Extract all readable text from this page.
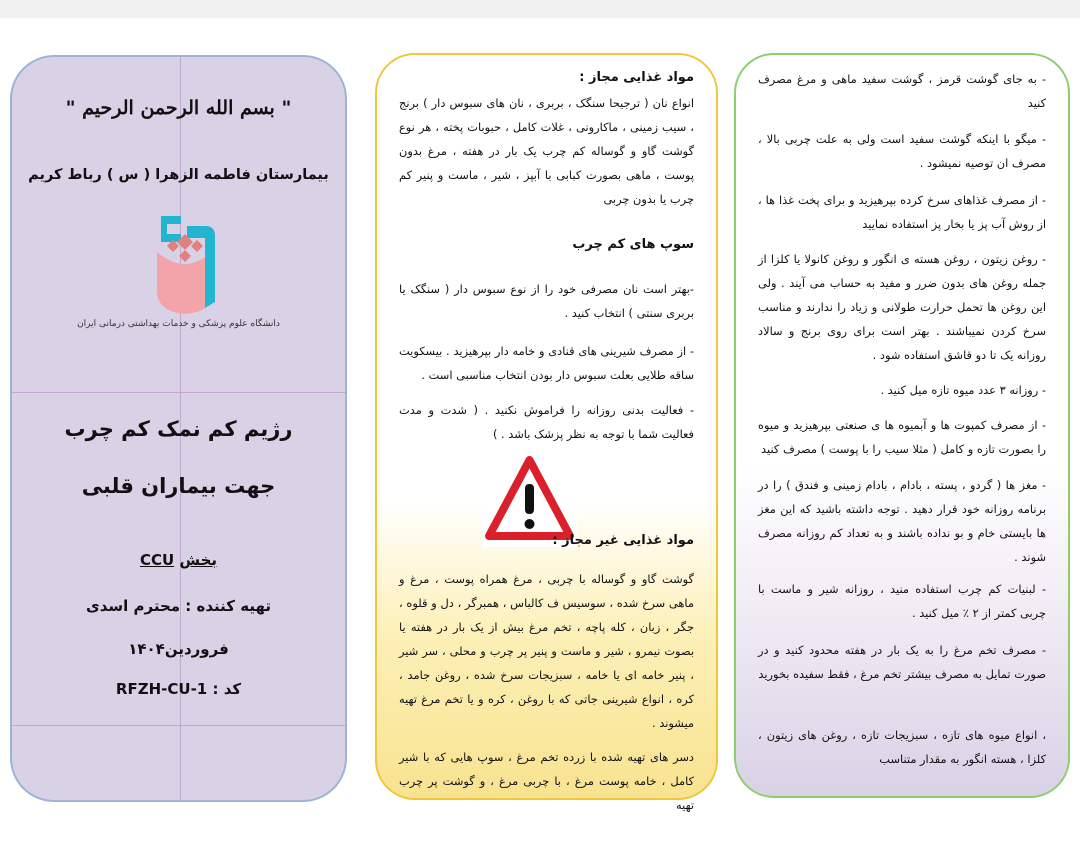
" بسم الله الرحمن الرحيم "
بیمارستان فاطمه الزهرا ( س ) رباط کریم
دانشگاه علوم پزشکی و خدمات بهداشتی درمانی ایران
رژیم کم نمک کم چرب
جهت بیماران قلبی
بخش CCU
تهیه کننده : محترم اسدی
فروردین۱۴۰۴
کد : RFZH-CU-1
مواد غذایی مجاز :
انواع نان ( ترجیحا سنگک ، بربری ، نان های سبوس دار ) برنج ، سیب زمینی ، ماکارونی ، غلات کامل ، حبوبات پخته ، هر نوع گوشت گاو و گوساله کم چرب یک بار در هفته ، مرغ بدون پوست ، ماهی بصورت کبابی با آبپز ، شیر ، ماست و پنیر کم چرب یا بدون چربی
سوپ های کم چرب
-بهتر است نان مصرفی خود را از نوع سبوس دار ( سنگک یا بربری سنتی ) انتخاب کنید .
- از مصرف شیرینی های قنادی و خامه دار بپرهیزید . بیسکویت ساقه طلایی بعلت سبوس دار بودن انتخاب مناسبی است .
- فعالیت بدنی روزانه را فراموش نکنید . ( شدت و مدت فعالیت شما با توجه به نظر پزشک باشد . )
مواد غذایی غیر مجاز :
گوشت گاو و گوساله با چربی ، مرغ همراه پوست ، مرغ و ماهی سرخ شده ، سوسیس ف کالباس ، همبرگر ، دل و قلوه ، جگر ، زبان ، کله پاچه ، تخم مرغ بیش از یک بار در هفته یا بصوت نیمرو ، شیر و ماست و پنیر پر چرب و محلی ، سر شیر ، پنیر خامه ای یا خامه ، سبزیجات سرخ شده ، روغن جامد ، کره ، انواع شیرینی جاتی که با روغن ، کره و یا تخم مرغ تهیه میشوند .
دسر های تهیه شده با زرده تخم مرغ ، سوپ هایی که با شیر کامل ، خامه پوست مرغ ، با چربی مرغ ، و گوشت پر چرب تهیه
- به جای گوشت قرمز ، گوشت سفید ماهی و مرغ مصرف کنید
- میگو با اینکه گوشت سفید است ولی به علت چربی بالا ، مصرف ان توصیه نمیشود .
- از مصرف غذاهای سرخ کرده بپرهیزید و برای پخت غذا ها ، از روش آب پز یا بخار پز استفاده نمایید
- روغن زیتون ، روغن هسته ی انگور و روغن کانولا یا کلزا از جمله روغن های بدون ضرر و مفید به حساب می آیند . ولی این روغن ها تحمل حرارت طولانی و زیاد را ندارند و مناسب سرخ کردن نمیباشند . بهتر است برای روی برنج و سالاد روزانه یک تا دو قاشق استفاده شود .
- روزانه ۳ عدد میوه تازه میل کنید .
- از مصرف کمپوت ها و آبمیوه ها ی صنعتی بپرهیزید و میوه را بصورت تازه و کامل ( مثلا سیب را با پوست ) مصرف کنید
- مغز ها ( گردو ، پسته ، بادام ، بادام زمینی و فندق ) را در برنامه روزانه خود قرار دهید . توجه داشته باشید که این مغز ها بایستی خام و بو نداده باشند و به تعداد کم روزانه مصرف شوند .
- لبنیات کم چرب استفاده منید ، روزانه شیر و ماست با چربی کمتر از ۲ ٪ میل کنید .
- مصرف تخم مرغ را به یک بار در هفته محدود کنید و در صورت تمایل به مصرف بیشتر تخم مرغ ، فقط سفیده بخورید
، انواع میوه های تازه ، سبزیجات تازه ، روغن های زیتون ، کلزا ، هسته انگور به مقدار متناسب
